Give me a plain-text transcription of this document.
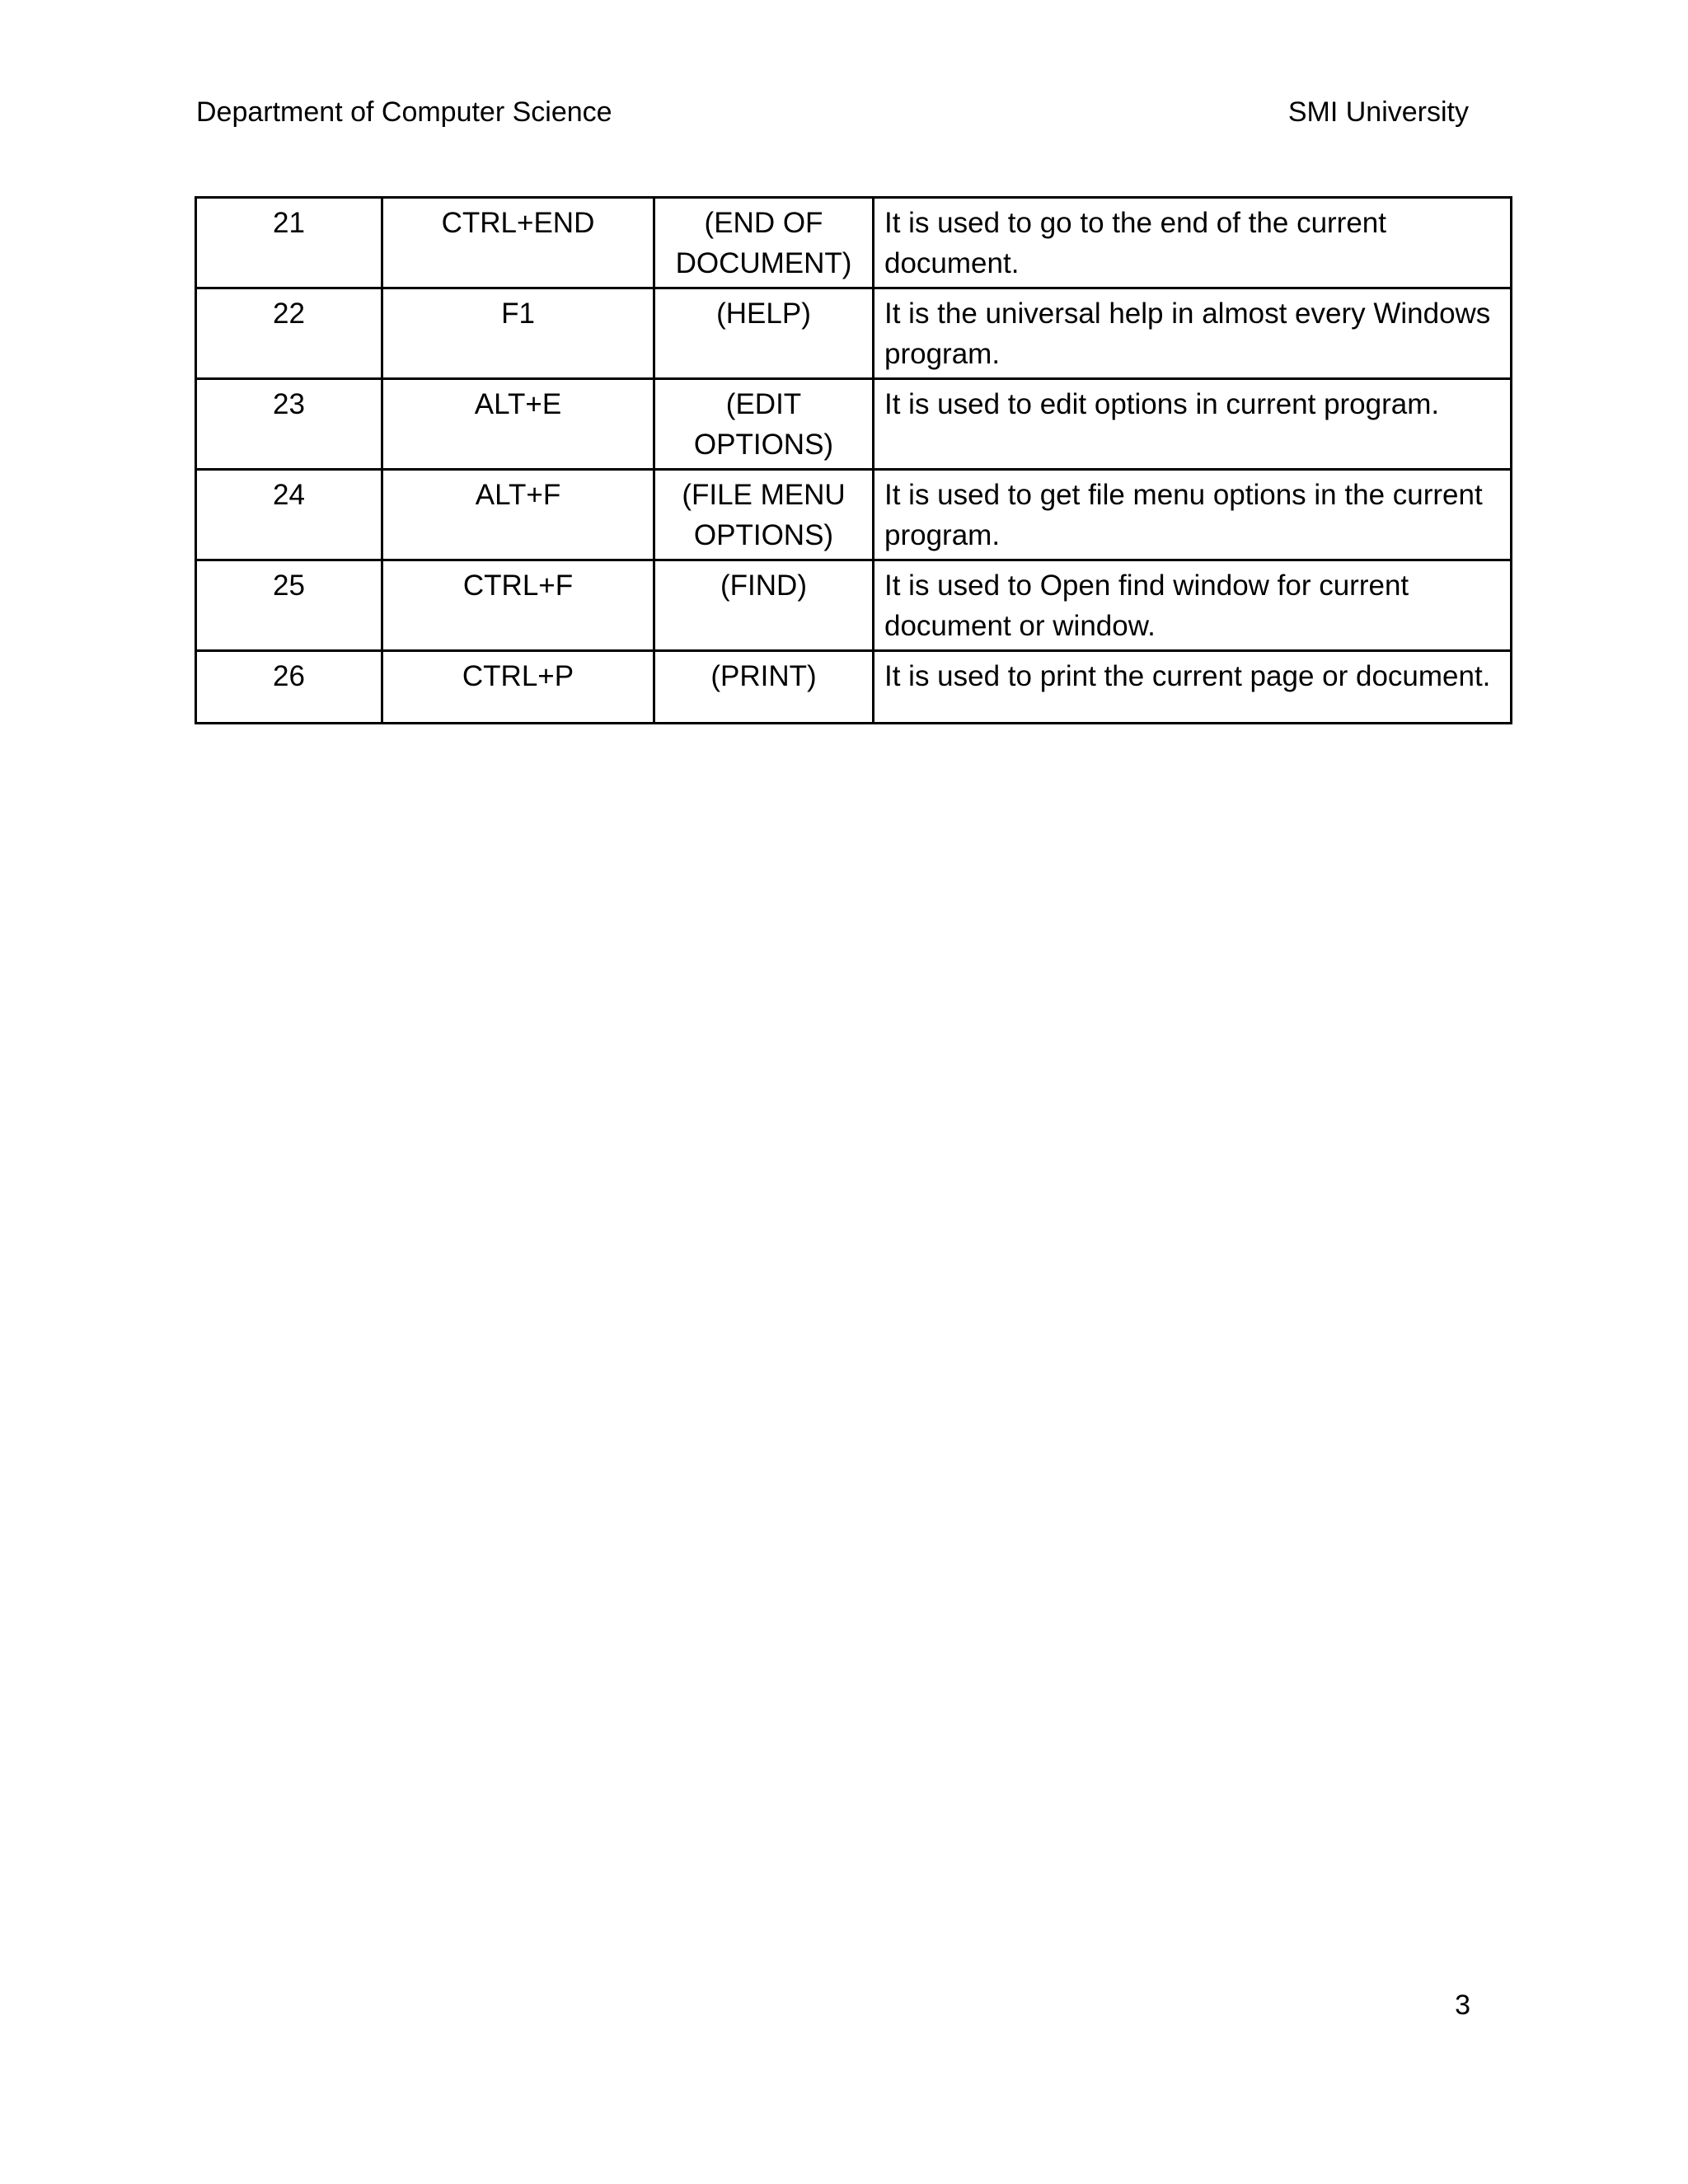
Department of Computer Science	SMI University
21	CTRL+END	(END OF DOCUMENT)	It is used to go to the end of the current document.
22	F1	(HELP)	It is the universal help in almost every Windows program.
23	ALT+E	(EDIT OPTIONS)	It is used to edit options in current program.
24	ALT+F	(FILE MENU OPTIONS)	It is used to get file menu options in the current program.
25	CTRL+F	(FIND)	It is used to Open find window for current document or window.
26	CTRL+P	(PRINT)	It is used to print the current page or document.
3
